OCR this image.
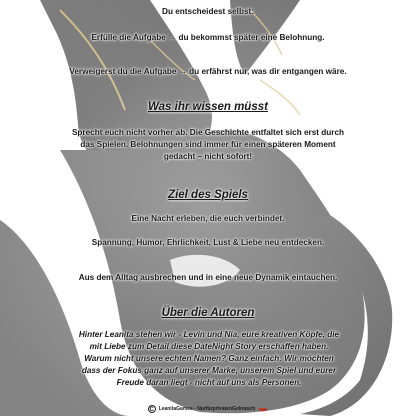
Du entscheidest selbst:
Erfülle die Aufgabe → du bekommst später eine Belohnung.
Verweigerst du die Aufgabe → du erfährst nur, was dir entgangen wäre.
Was ihr wissen müsst
Sprecht euch nicht vorher ab. Die Geschichte entfaltet sich erst durch das Spielen. Belohnungen sind immer für einen späteren Moment gedacht – nicht sofort!
Ziel des Spiels
Eine Nacht erleben, die euch verbindet.
Spannung, Humor, Ehrlichkeit, Lust & Liebe neu entdecken.
Aus dem Alltag ausbrechen und in eine neue Dynamik eintauchen.
Über die Autoren
Hinter Leanita stehen wir - Levin und Nia, eure kreativen Köpfe, die mit Liebe zum Detail diese DateNight Story erschaffen haben. Warum nicht unsere echten Namen? Ganz einfach: Wir möchten dass der Fokus ganz auf unserer Marke, unserem Spiel und eurer Freude daran liegt - nicht auf uns als Personen.
C LeanitaGames - NurfürprivatenGebrauch
